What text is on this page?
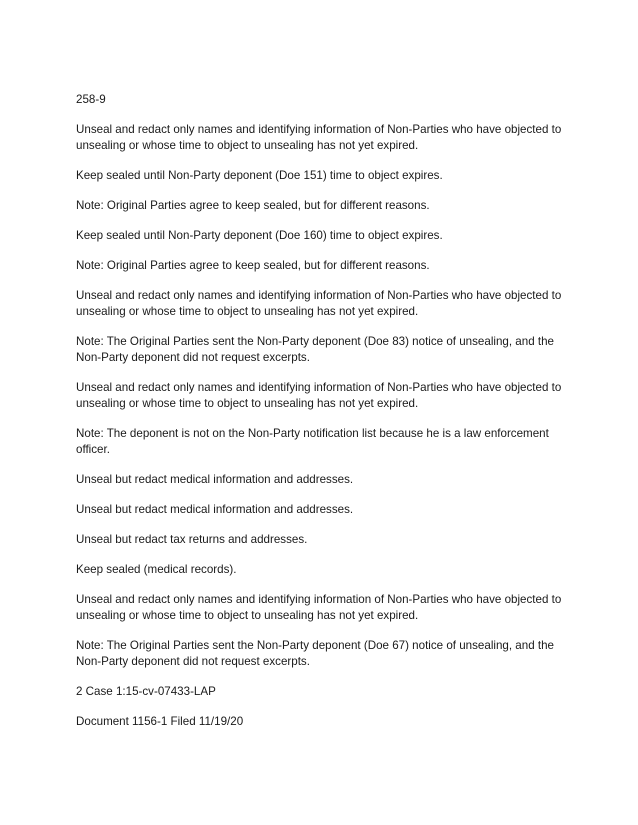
258-9

Unseal and redact only names and identifying information of Non-Parties who have objected to unsealing or whose time to object to unsealing has not yet expired.

Keep sealed until Non-Party deponent (Doe 151) time to object expires.

Note: Original Parties agree to keep sealed, but for different reasons.

Keep sealed until Non-Party deponent (Doe 160) time to object expires.

Note: Original Parties agree to keep sealed, but for different reasons.

Unseal and redact only names and identifying information of Non-Parties who have objected to unsealing or whose time to object to unsealing has not yet expired.

Note: The Original Parties sent the Non-Party deponent (Doe 83) notice of unsealing, and the Non-Party deponent did not request excerpts.

Unseal and redact only names and identifying information of Non-Parties who have objected to unsealing or whose time to object to unsealing has not yet expired.

Note: The deponent is not on the Non-Party notification list because he is a law enforcement officer.

Unseal but redact medical information and addresses.

Unseal but redact medical information and addresses.

Unseal but redact tax returns and addresses.

Keep sealed (medical records).

Unseal and redact only names and identifying information of Non-Parties who have objected to unsealing or whose time to object to unsealing has not yet expired.

Note: The Original Parties sent the Non-Party deponent (Doe 67) notice of unsealing, and the Non-Party deponent did not request excerpts.

2 Case 1:15-cv-07433-LAP

Document 1156-1 Filed 11/19/20
